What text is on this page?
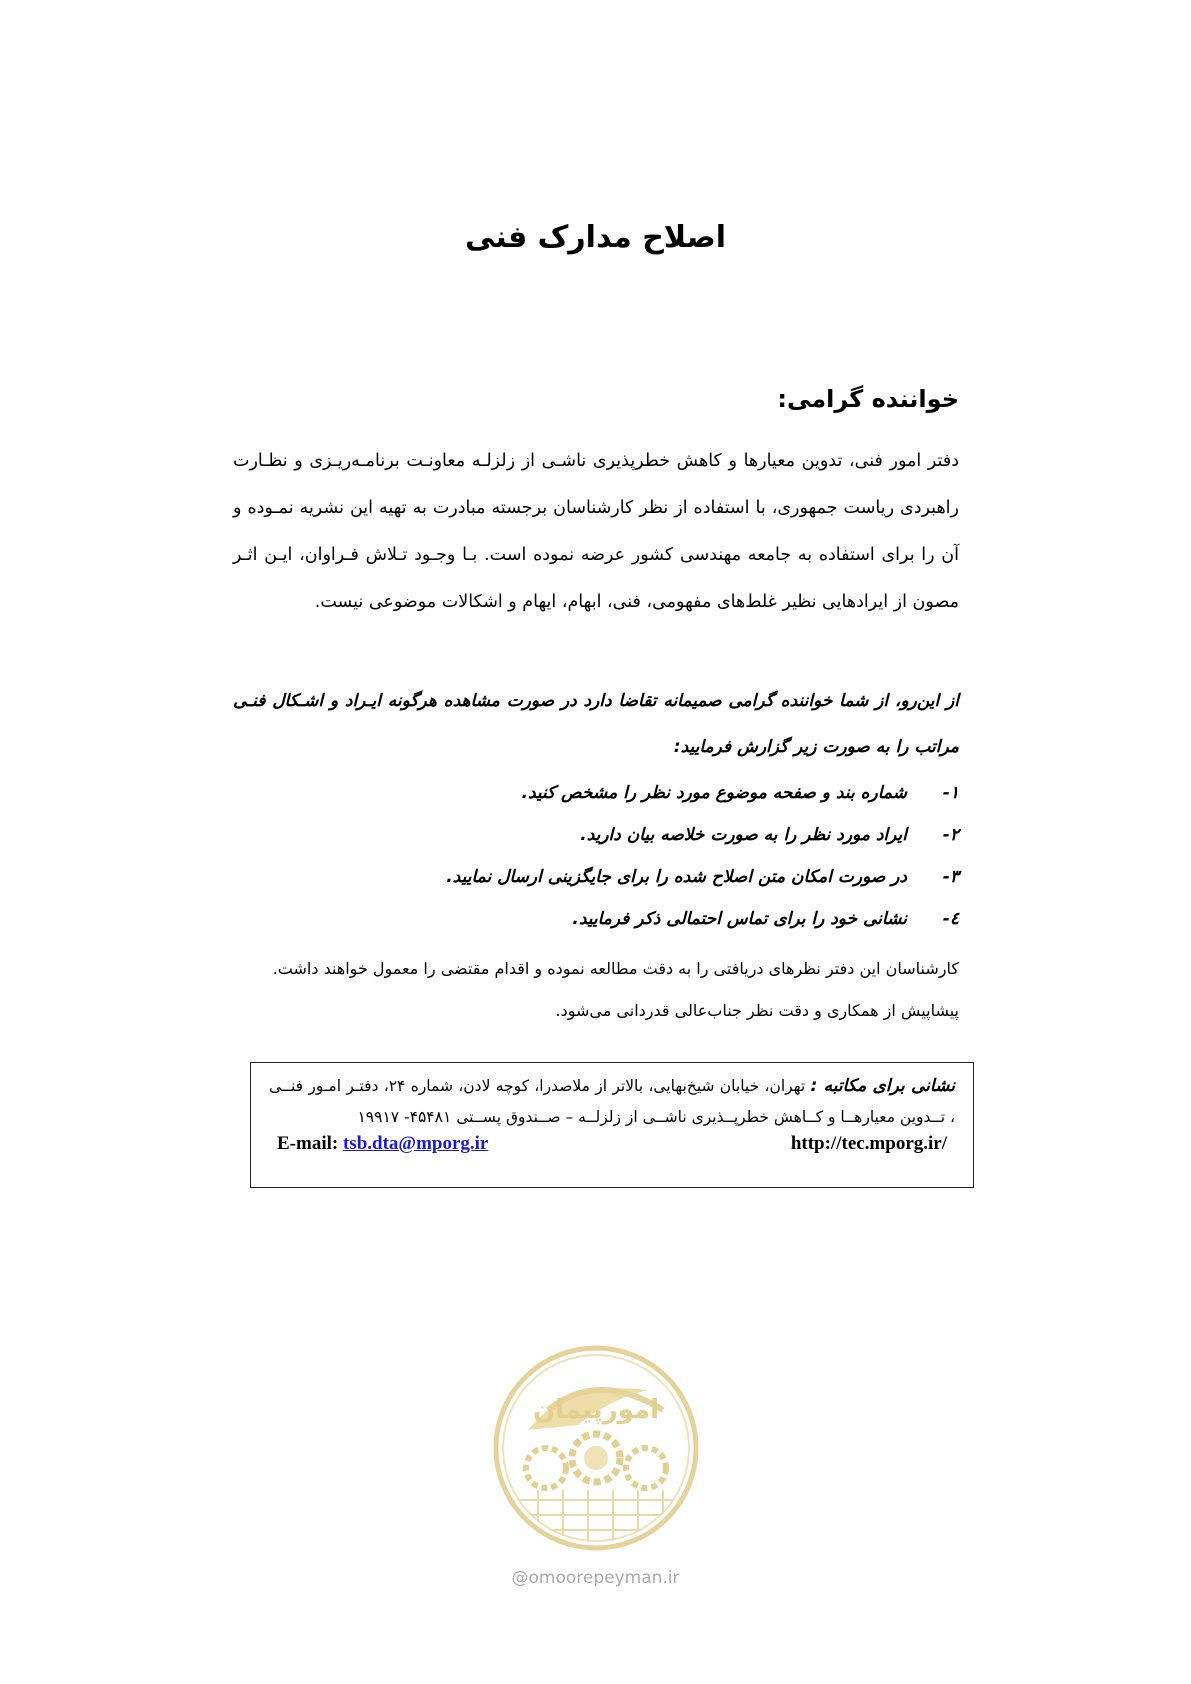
اصلاح مدارک فنی
خواننده گرامی:

دفتر امور فنی، تدوین معیارها و کاهش خطرپذیری ناشـی از زلزلـه معاونـت برنامـه‌ریـزی و نظـارت راهبردی ریاست جمهوری، با استفاده از نظر کارشناسان برجسته مبادرت به تهیه این نشریه نمـوده و آن را برای استفاده به جامعه مهندسی کشور عرضه نموده است. بـا وجـود تـلاش فـراوان، ایـن اثـر مصون از ایرادهایی نظیر غلط‌های مفهومی، فنی، ابهام، ایهام و اشکالات موضوعی نیست.

از این‌رو، از شما خواننده گرامی صمیمانه تقاضا دارد در صورت مشاهده هرگونه ایـراد و اشـکال فنـی مراتب را به صورت زیر گزارش فرمایید:

۱-
شماره بند و صفحه موضوع مورد نظر را مشخص کنید.
۲-
ایراد مورد نظر را به صورت خلاصه بیان دارید.
۳-
در صورت امکان متن اصلاح شده را برای جایگزینی ارسال نمایید.
٤-
نشانی خود را برای تماس احتمالی ذکر فرمایید.
کارشناسان این دفتر نظرهای دریافتی را به دقت مطالعه نموده و اقدام مقتضی را معمول خواهند داشت.
پیشاپیش از همکاری و دقت نظر جناب‌عالی قدردانی می‌شود.

نشانی برای مکاتبه : تهران، خیابان شیخ‌بهایی، بالاتر از ملاصدرا، کوچه لادن، شماره ۲۴، دفتـر امـور فنــی ، تــدوین معیارهــا و کــاهش خطرپــذیری ناشــی از زلزلــه – صــندوق پســتی ۴۵۴۸۱- ۱۹۹۱۷

E-mail: tsb.dta@mporg.ir	http://tec.mporg.ir/
امورپیمان
@omoorepeyman.ir
